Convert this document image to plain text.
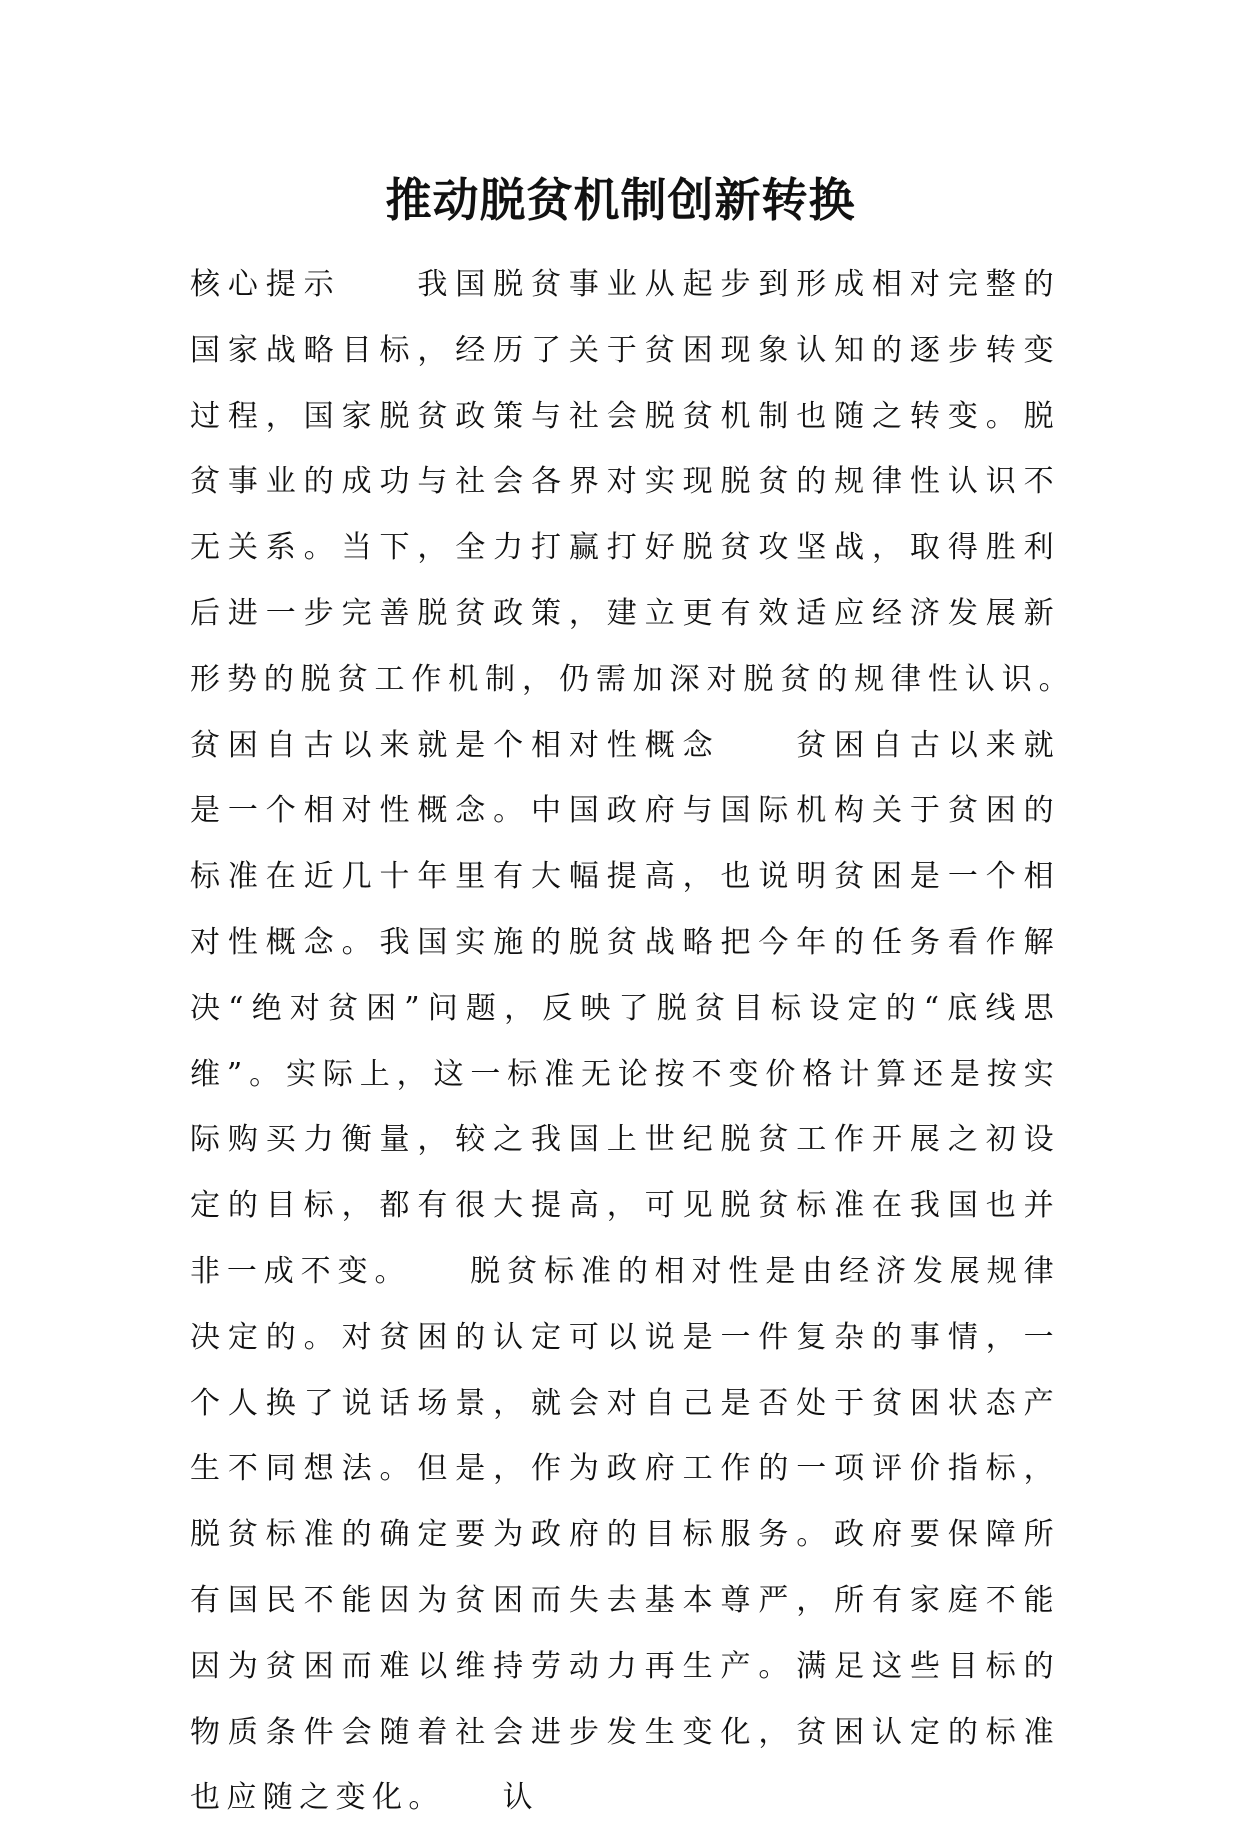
推动脱贫机制创新转换

核心提示　　我国脱贫事业从起步到形成相对完整的国家战略目标，经历了关于贫困现象认知的逐步转变过程，国家脱贫政策与社会脱贫机制也随之转变。脱贫事业的成功与社会各界对实现脱贫的规律性认识不无关系。当下，全力打赢打好脱贫攻坚战，取得胜利后进一步完善脱贫政策，建立更有效适应经济发展新形势的脱贫工作机制，仍需加深对脱贫的规律性认识。　　贫困自古以来就是个相对性概念　　贫困自古以来就是一个相对性概念。中国政府与国际机构关于贫困的标准在近几十年里有大幅提高，也说明贫困是一个相对性概念。我国实施的脱贫战略把今年的任务看作解决“绝对贫困”问题，反映了脱贫目标设定的“底线思维”。实际上，这一标准无论按不变价格计算还是按实际购买力衡量，较之我国上世纪脱贫工作开展之初设定的目标，都有很大提高，可见脱贫标准在我国也并非一成不变。　　脱贫标准的相对性是由经济发展规律决定的。对贫困的认定可以说是一件复杂的事情，一个人换了说话场景，就会对自己是否处于贫困状态产生不同想法。但是，作为政府工作的一项评价指标，脱贫标准的确定要为政府的目标服务。政府要保障所有国民不能因为贫困而失去基本尊严，所有家庭不能因为贫困而难以维持劳动力再生产。满足这些目标的物质条件会随着社会进步发生变化，贫困认定的标准也应随之变化。　　认
